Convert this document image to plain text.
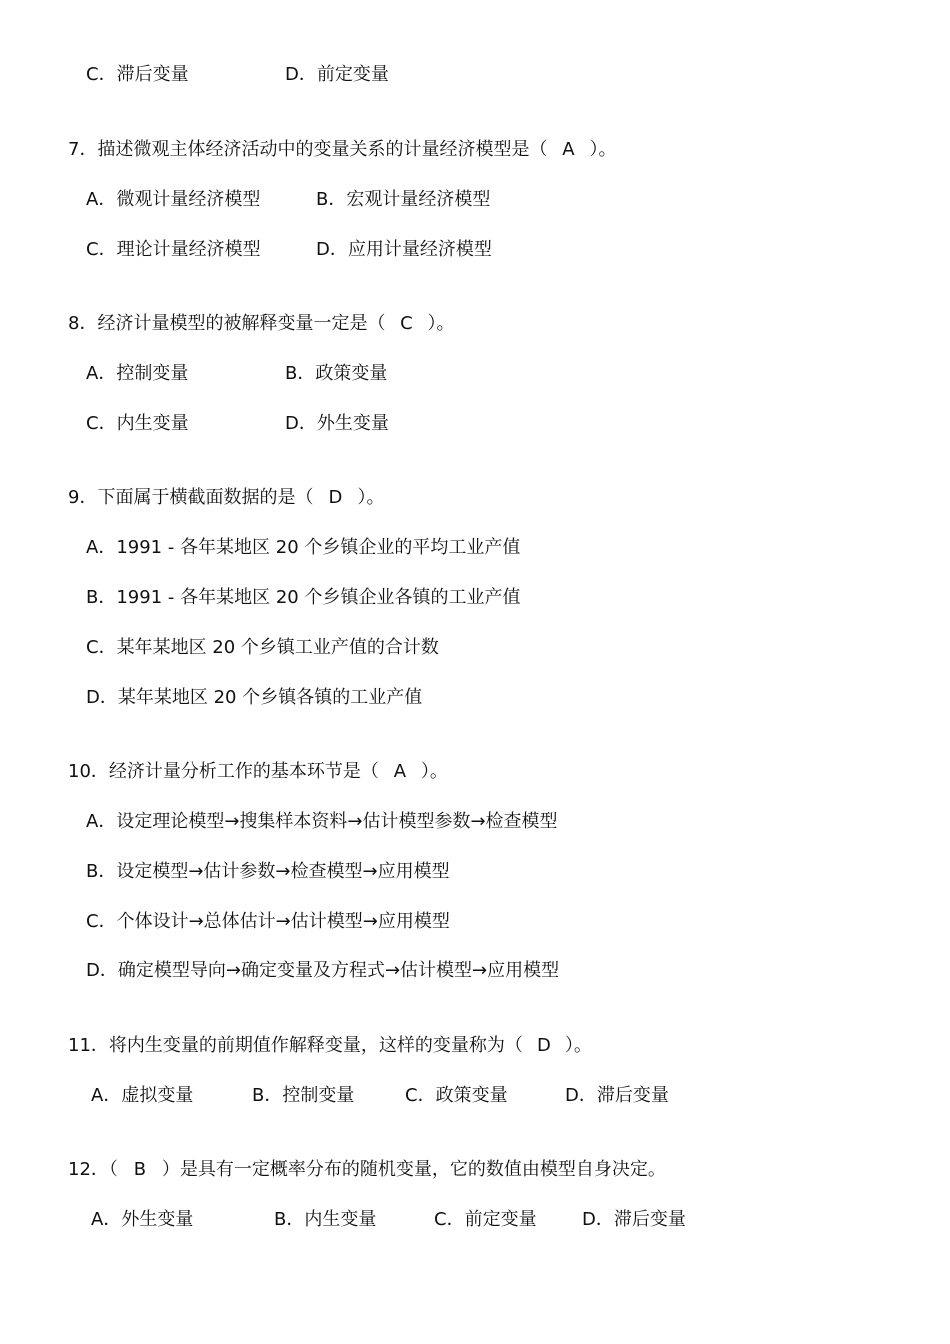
C．滞后变量	D．前定变量
7．描述微观主体经济活动中的变量关系的计量经济模型是（ A ）。
A．微观计量经济模型	B．宏观计量经济模型
C．理论计量经济模型	D．应用计量经济模型
8．经济计量模型的被解释变量一定是（ C ）。
A．控制变量	B．政策变量
C．内生变量	D．外生变量
9．下面属于横截面数据的是（ D ）。
A．1991 - 各年某地区 20 个乡镇企业的平均工业产值
B．1991 - 各年某地区 20 个乡镇企业各镇的工业产值
C．某年某地区 20 个乡镇工业产值的合计数
D．某年某地区 20 个乡镇各镇的工业产值
10．经济计量分析工作的基本环节是（ A ）。
A．设定理论模型→搜集样本资料→估计模型参数→检查模型
B．设定模型→估计参数→检查模型→应用模型
C．个体设计→总体估计→估计模型→应用模型
D．确定模型导向→确定变量及方程式→估计模型→应用模型
11．将内生变量的前期值作解释变量，这样的变量称为（ D ）。
A．虚拟变量	B．控制变量	C．政策变量	D．滞后变量
12．（ B ）是具有一定概率分布的随机变量，它的数值由模型自身决定。
A．外生变量	B．内生变量	C．前定变量	D．滞后变量
